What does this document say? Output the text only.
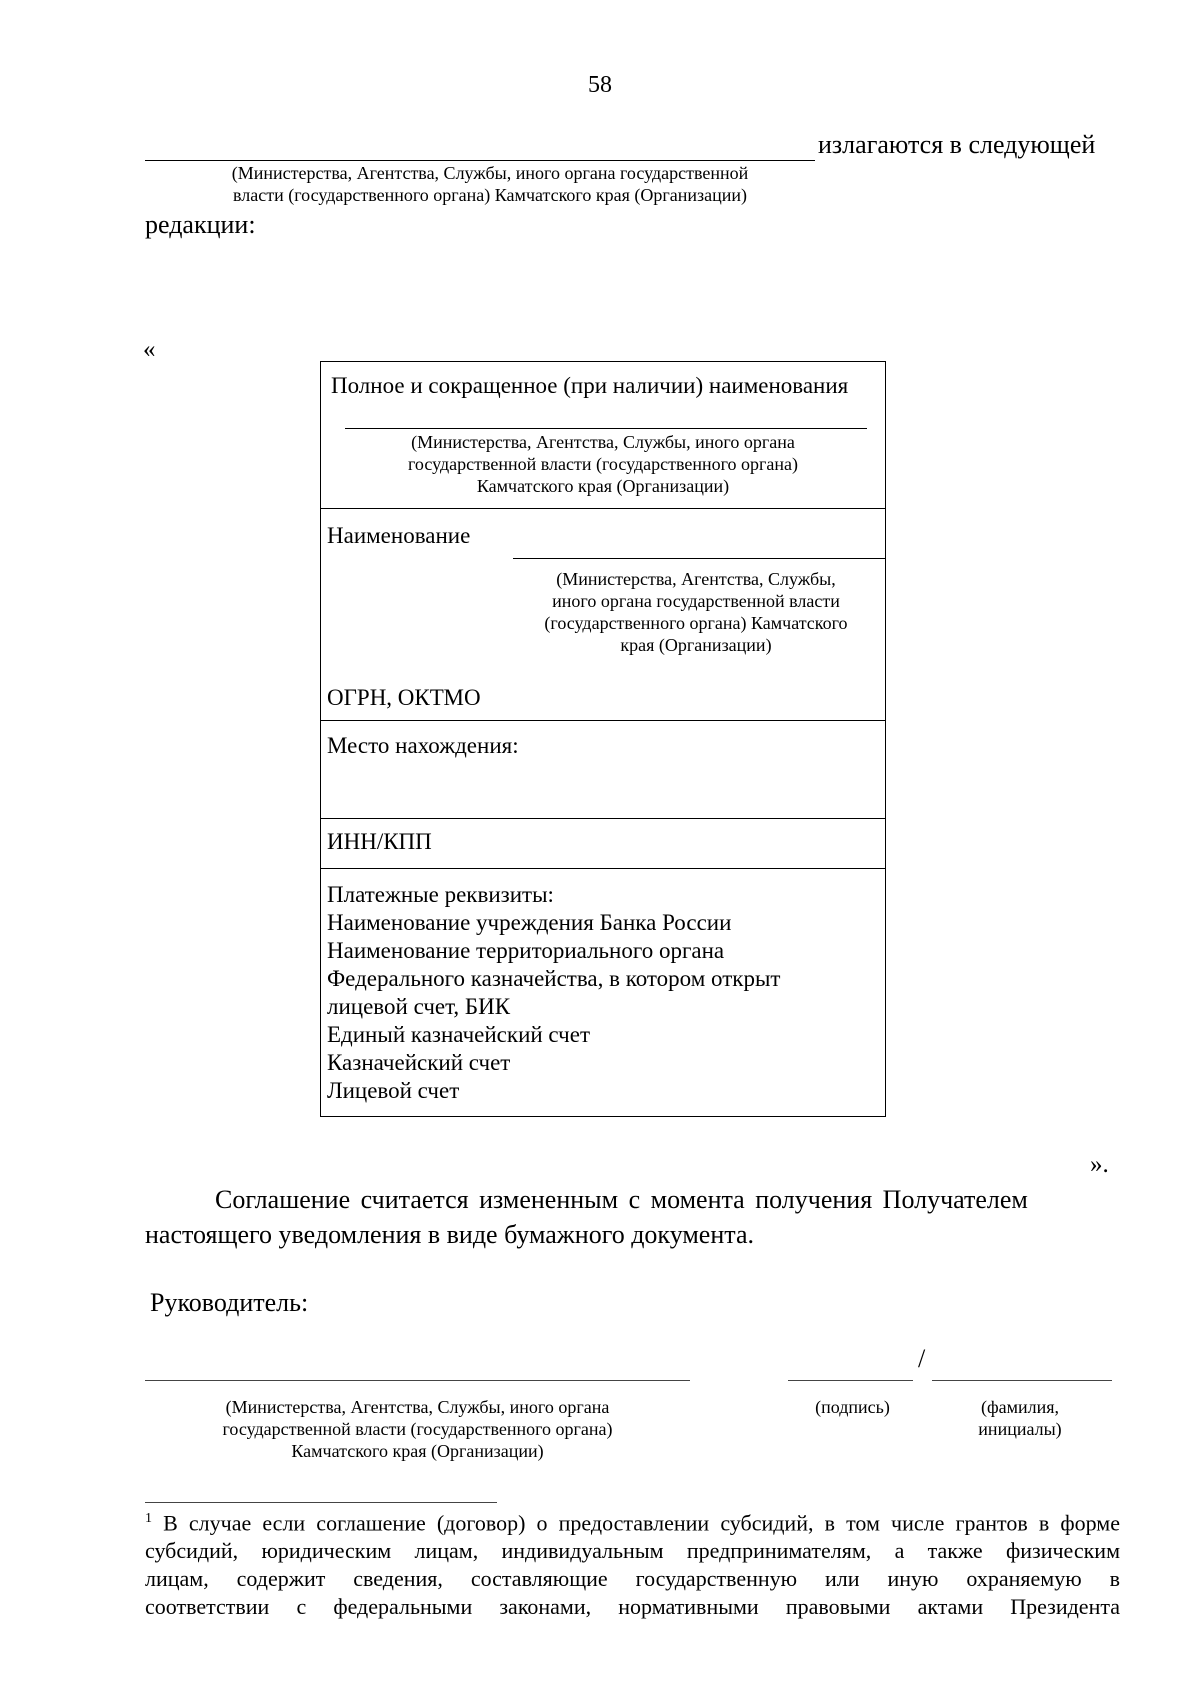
58
излагаются в следующей
(Министерства, Агентства, Службы, иного органа государственной
власти (государственного органа) Камчатского края (Организации)
редакции:
«
Полное и сокращенное (при наличии) наименования
(Министерства, Агентства, Службы, иного органа
государственной власти (государственного органа)
Камчатского края (Организации)
Наименование
(Министерства, Агентства, Службы,
иного органа государственной власти
(государственного органа) Камчатского
края (Организации)
ОГРН, ОКТМО
Место нахождения:
ИНН/КПП
Платежные реквизиты:
Наименование учреждения Банка России
Наименование территориального органа
Федерального казначейства, в котором открыт
лицевой счет, БИК
Единый казначейский счет
Казначейский счет
Лицевой счет
».
Соглашение считается измененным с момента получения Получателем
настоящего уведомления в виде бумажного документа.
Руководитель:
/
(Министерства, Агентства, Службы, иного органа
государственной власти (государственного органа)
Камчатского края (Организации)
(подпись)	(фамилия,
инициалы)
$^1$ В случае если соглашение (договор) о предоставлении субсидий, в том числе грантов в форме
субсидий, юридическим лицам, индивидуальным предпринимателям, а также физическим
лицам, содержит сведения, составляющие государственную или иную охраняемую в
соответствии с федеральными законами, нормативными правовыми актами Президента
